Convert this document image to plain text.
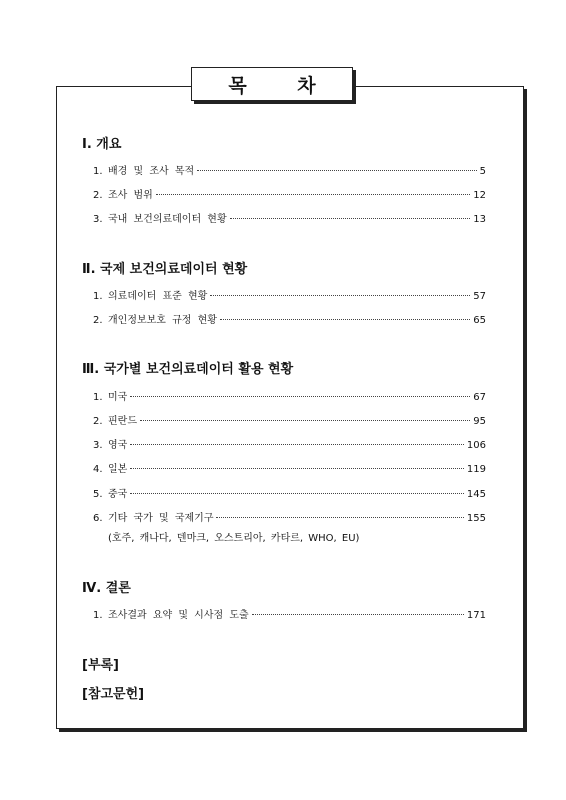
목 차
Ⅰ. 개요
1. 배경 및 조사 목적	5
2. 조사 범위	12
3. 국내 보건의료데이터 현황	13
Ⅱ. 국제 보건의료데이터 현황
1. 의료데이터 표준 현황	57
2. 개인정보보호 규정 현황	65
Ⅲ. 국가별 보건의료데이터 활용 현황
1. 미국	67
2. 핀란드	95
3. 영국	106
4. 일본	119
5. 중국	145
6. 기타 국가 및 국제기구	155
(호주, 캐나다, 덴마크, 오스트리아, 카타르, WHO, EU)
Ⅳ. 결론
1. 조사결과 요약 및 시사점 도출	171
[부록]
[참고문헌]
